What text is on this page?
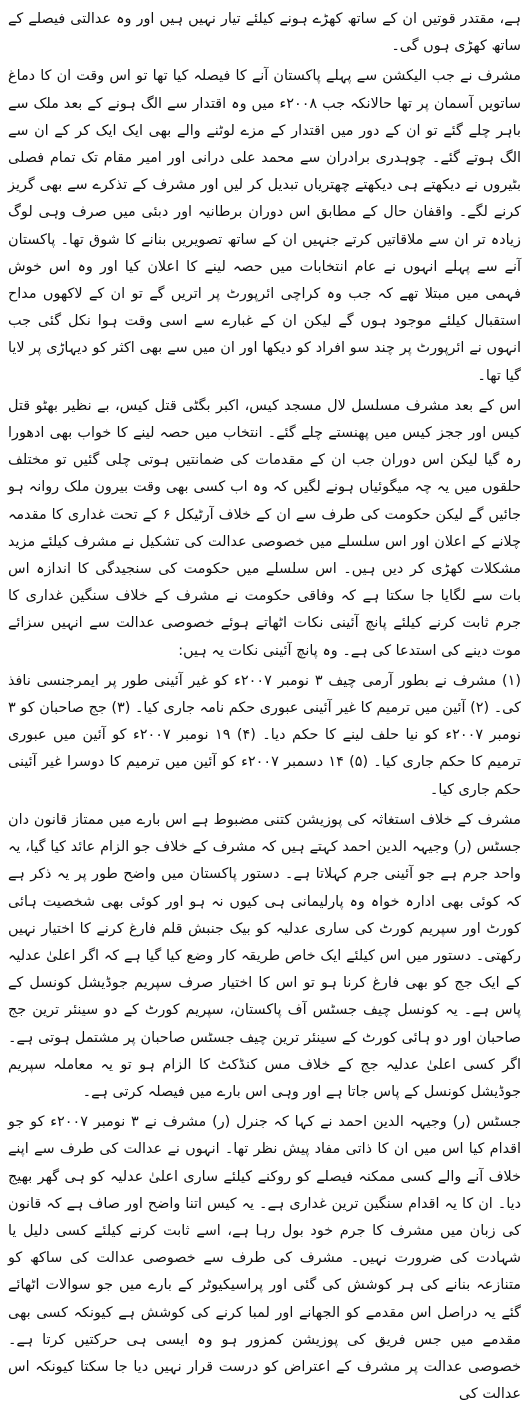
ہے، مقتدر قوتیں ان کے ساتھ کھڑے ہونے کیلئے تیار نہیں ہیں اور وہ عدالتی فیصلے کے ساتھ کھڑی ہوں گی۔

مشرف نے جب الیکشن سے پہلے پاکستان آنے کا فیصلہ کیا تھا تو اس وقت ان کا دماغ ساتویں آسمان پر تھا حالانکہ جب ۲۰۰۸ء میں وہ اقتدار سے الگ ہونے کے بعد ملک سے باہر چلے گئے تو ان کے دور میں اقتدار کے مزے لوٹنے والے بھی ایک ایک کر کے ان سے الگ ہوتے گئے۔ چوہدری برادران سے محمد علی درانی اور امیر مقام تک تمام فصلی بٹیروں نے دیکھتے ہی دیکھتے چھتریاں تبدیل کر لیں اور مشرف کے تذکرے سے بھی گریز کرنے لگے۔ واقفان حال کے مطابق اس دوران برطانیہ اور دبئی میں صرف وہی لوگ زیادہ تر ان سے ملاقاتیں کرتے جنہیں ان کے ساتھ تصویریں بنانے کا شوق تھا۔ پاکستان آنے سے پہلے انہوں نے عام انتخابات میں حصہ لینے کا اعلان کیا اور وہ اس خوش فہمی میں مبتلا تھے کہ جب وہ کراچی ائرپورٹ پر اتریں گے تو ان کے لاکھوں مداح استقبال کیلئے موجود ہوں گے لیکن ان کے غبارے سے اسی وقت ہوا نکل گئی جب انہوں نے ائرپورٹ پر چند سو افراد کو دیکھا اور ان میں سے بھی اکثر کو دیہاڑی پر لایا گیا تھا۔

اس کے بعد مشرف مسلسل لال مسجد کیس، اکبر بگٹی قتل کیس، بے نظیر بھٹو قتل کیس اور ججز کیس میں پھنستے چلے گئے۔ انتخاب میں حصہ لینے کا خواب بھی ادھورا رہ گیا لیکن اس دوران جب ان کے مقدمات کی ضمانتیں ہوتی چلی گئیں تو مختلف حلقوں میں یہ چہ میگوئیاں ہونے لگیں کہ وہ اب کسی بھی وقت بیرون ملک روانہ ہو جائیں گے لیکن حکومت کی طرف سے ان کے خلاف آرٹیکل ۶ کے تحت غداری کا مقدمہ چلانے کے اعلان اور اس سلسلے میں خصوصی عدالت کی تشکیل نے مشرف کیلئے مزید مشکلات کھڑی کر دیں ہیں۔ اس سلسلے میں حکومت کی سنجیدگی کا اندازہ اس بات سے لگایا جا سکتا ہے کہ وفاقی حکومت نے مشرف کے خلاف سنگین غداری کا جرم ثابت کرنے کیلئے پانچ آئینی نکات اٹھاتے ہوئے خصوصی عدالت سے انہیں سزائے موت دینے کی استدعا کی ہے۔ وہ پانچ آئینی نکات یہ ہیں:

(۱) مشرف نے بطور آرمی چیف ۳ نومبر ۲۰۰۷ء کو غیر آئینی طور پر ایمرجنسی نافذ کی۔ (۲) آئین میں ترمیم کا غیر آئینی عبوری حکم نامہ جاری کیا۔ (۳) جج صاحبان کو ۳ نومبر ۲۰۰۷ء کو نیا حلف لینے کا حکم دیا۔ (۴) ۱۹ نومبر ۲۰۰۷ء کو آئین میں عبوری ترمیم کا حکم جاری کیا۔ (۵) ۱۴ دسمبر ۲۰۰۷ء کو آئین میں ترمیم کا دوسرا غیر آئینی حکم جاری کیا۔

مشرف کے خلاف استغاثہ کی پوزیشن کتنی مضبوط ہے اس بارے میں ممتاز قانون دان جسٹس (ر) وجیہہ الدین احمد کہتے ہیں کہ مشرف کے خلاف جو الزام عائد کیا گیا، یہ واحد جرم ہے جو آئینی جرم کہلاتا ہے۔ دستور پاکستان میں واضح طور پر یہ ذکر ہے کہ کوئی بھی ادارہ خواہ وہ پارلیمانی ہی کیوں نہ ہو اور کوئی بھی شخصیت ہائی کورٹ اور سپریم کورٹ کی ساری عدلیہ کو بیک جنبش قلم فارغ کرنے کا اختیار نہیں رکھتی۔ دستور میں اس کیلئے ایک خاص طریقہ کار وضع کیا گیا ہے کہ اگر اعلیٰ عدلیہ کے ایک جج کو بھی فارغ کرنا ہو تو اس کا اختیار صرف سپریم جوڈیشل کونسل کے پاس ہے۔ یہ کونسل چیف جسٹس آف پاکستان، سپریم کورٹ کے دو سینئر ترین جج صاحبان اور دو ہائی کورٹ کے سینئر ترین چیف جسٹس صاحبان پر مشتمل ہوتی ہے۔ اگر کسی اعلیٰ عدلیہ جج کے خلاف مس کنڈکٹ کا الزام ہو تو یہ معاملہ سپریم جوڈیشل کونسل کے پاس جاتا ہے اور وہی اس بارے میں فیصلہ کرتی ہے۔

جسٹس (ر) وجیہہ الدین احمد نے کہا کہ جنرل (ر) مشرف نے ۳ نومبر ۲۰۰۷ء کو جو اقدام کیا اس میں ان کا ذاتی مفاد پیش نظر تھا۔ انہوں نے عدالت کی طرف سے اپنے خلاف آنے والے کسی ممکنہ فیصلے کو روکنے کیلئے ساری اعلیٰ عدلیہ کو ہی گھر بھیج دیا۔ ان کا یہ اقدام سنگین ترین غداری ہے۔ یہ کیس اتنا واضح اور صاف ہے کہ قانون کی زبان میں مشرف کا جرم خود بول رہا ہے، اسے ثابت کرنے کیلئے کسی دلیل یا شہادت کی ضرورت نہیں۔ مشرف کی طرف سے خصوصی عدالت کی ساکھ کو متنازعہ بنانے کی ہر کوشش کی گئی اور پراسیکیوٹر کے بارے میں جو سوالات اٹھائے گئے یہ دراصل اس مقدمے کو الجھانے اور لمبا کرنے کی کوشش ہے کیونکہ کسی بھی مقدمے میں جس فریق کی پوزیشن کمزور ہو وہ ایسی ہی حرکتیں کرتا ہے۔ خصوصی عدالت پر مشرف کے اعتراض کو درست قرار نہیں دیا جا سکتا کیونکہ اس عدالت کی
